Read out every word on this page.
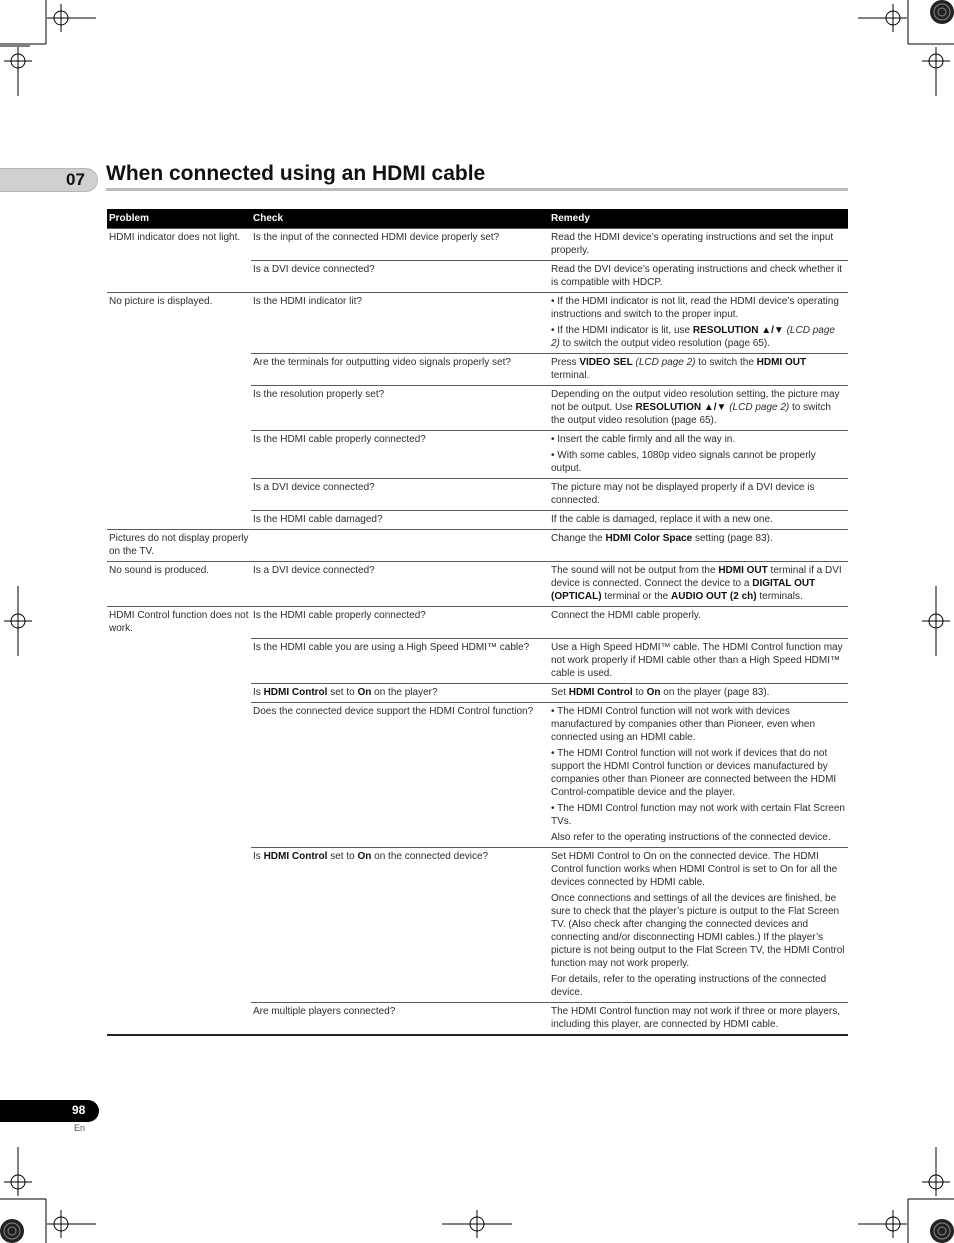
07 When connected using an HDMI cable
Problem	Check	Remedy
HDMI indicator does not light.	Is the input of the connected HDMI device properly set?	Read the HDMI device’s operating instructions and set the input properly.

	Is a DVI device connected?	Read the DVI device’s operating instructions and check whether it is compatible with HDCP.

No picture is displayed.	Is the HDMI indicator lit?	• If the HDMI indicator is not lit, read the HDMI device’s operating instructions and switch to the proper input.
• If the HDMI indicator is lit, use RESOLUTION ▲/▼ (LCD page 2) to switch the output video resolution (page 65).

	Are the terminals for outputting video signals properly set?	Press VIDEO SEL (LCD page 2) to switch the HDMI OUT terminal.

	Is the resolution properly set?	Depending on the output video resolution setting, the picture may not be output. Use RESOLUTION ▲/▼ (LCD page 2) to switch the output video resolution (page 65).

	Is the HDMI cable properly connected?	• Insert the cable firmly and all the way in.
• With some cables, 1080p video signals cannot be properly output.

	Is a DVI device connected?	The picture may not be displayed properly if a DVI device is connected.

	Is the HDMI cable damaged?	If the cable is damaged, replace it with a new one.

Pictures do not display properly on the TV.		Change the HDMI Color Space setting (page 83).

No sound is produced.	Is a DVI device connected?	The sound will not be output from the HDMI OUT terminal if a DVI device is connected. Connect the device to a DIGITAL OUT (OPTICAL) terminal or the AUDIO OUT (2 ch) terminals.

HDMI Control function does not work.	Is the HDMI cable properly connected?	Connect the HDMI cable properly.

	Is the HDMI cable you are using a High Speed HDMI™ cable?	Use a High Speed HDMI™ cable. The HDMI Control function may not work properly if HDMI cable other than a High Speed HDMI™ cable is used.

	Is HDMI Control set to On on the player?	Set HDMI Control to On on the player (page 83).

	Does the connected device support the HDMI Control function?	• The HDMI Control function will not work with devices manufactured by companies other than Pioneer, even when connected using an HDMI cable.
• The HDMI Control function will not work if devices that do not support the HDMI Control function or devices manufactured by companies other than Pioneer are connected between the HDMI Control-compatible device and the player.
• The HDMI Control function may not work with certain Flat Screen TVs.
Also refer to the operating instructions of the connected device.

	Is HDMI Control set to On on the connected device?	Set HDMI Control to On on the connected device. The HDMI Control function works when HDMI Control is set to On for all the devices connected by HDMI cable.
Once connections and settings of all the devices are finished, be sure to check that the player’s picture is output to the Flat Screen TV. (Also check after changing the connected devices and connecting and/or disconnecting HDMI cables.) If the player’s picture is not being output to the Flat Screen TV, the HDMI Control function may not work properly.
For details, refer to the operating instructions of the connected device.

	Are multiple players connected?	The HDMI Control function may not work if three or more players, including this player, are connected by HDMI cable.
98
En
